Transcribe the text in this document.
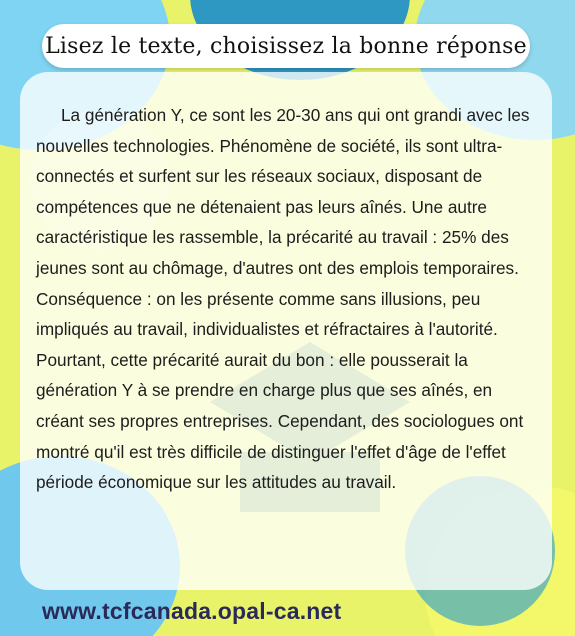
Lisez le texte, choisissez la bonne réponse

La génération Y, ce sont les 20-30 ans qui ont grandi avec les nouvelles technologies. Phénomène de société, ils sont ultra-connectés et surfent sur les réseaux sociaux, disposant de compétences que ne détenaient pas leurs aînés. Une autre caractéristique les rassemble, la précarité au travail : 25% des jeunes sont au chômage, d'autres ont des emplois temporaires. Conséquence : on les présente comme sans illusions, peu impliqués au travail, individualistes et réfractaires à l'autorité. Pourtant, cette précarité aurait du bon : elle pousserait la génération Y à se prendre en charge plus que ses aînés, en créant ses propres entreprises. Cependant, des sociologues ont montré qu'il est très difficile de distinguer l'effet d'âge de l'effet période économique sur les attitudes au travail.

www.tcfcanada.opal-ca.net
